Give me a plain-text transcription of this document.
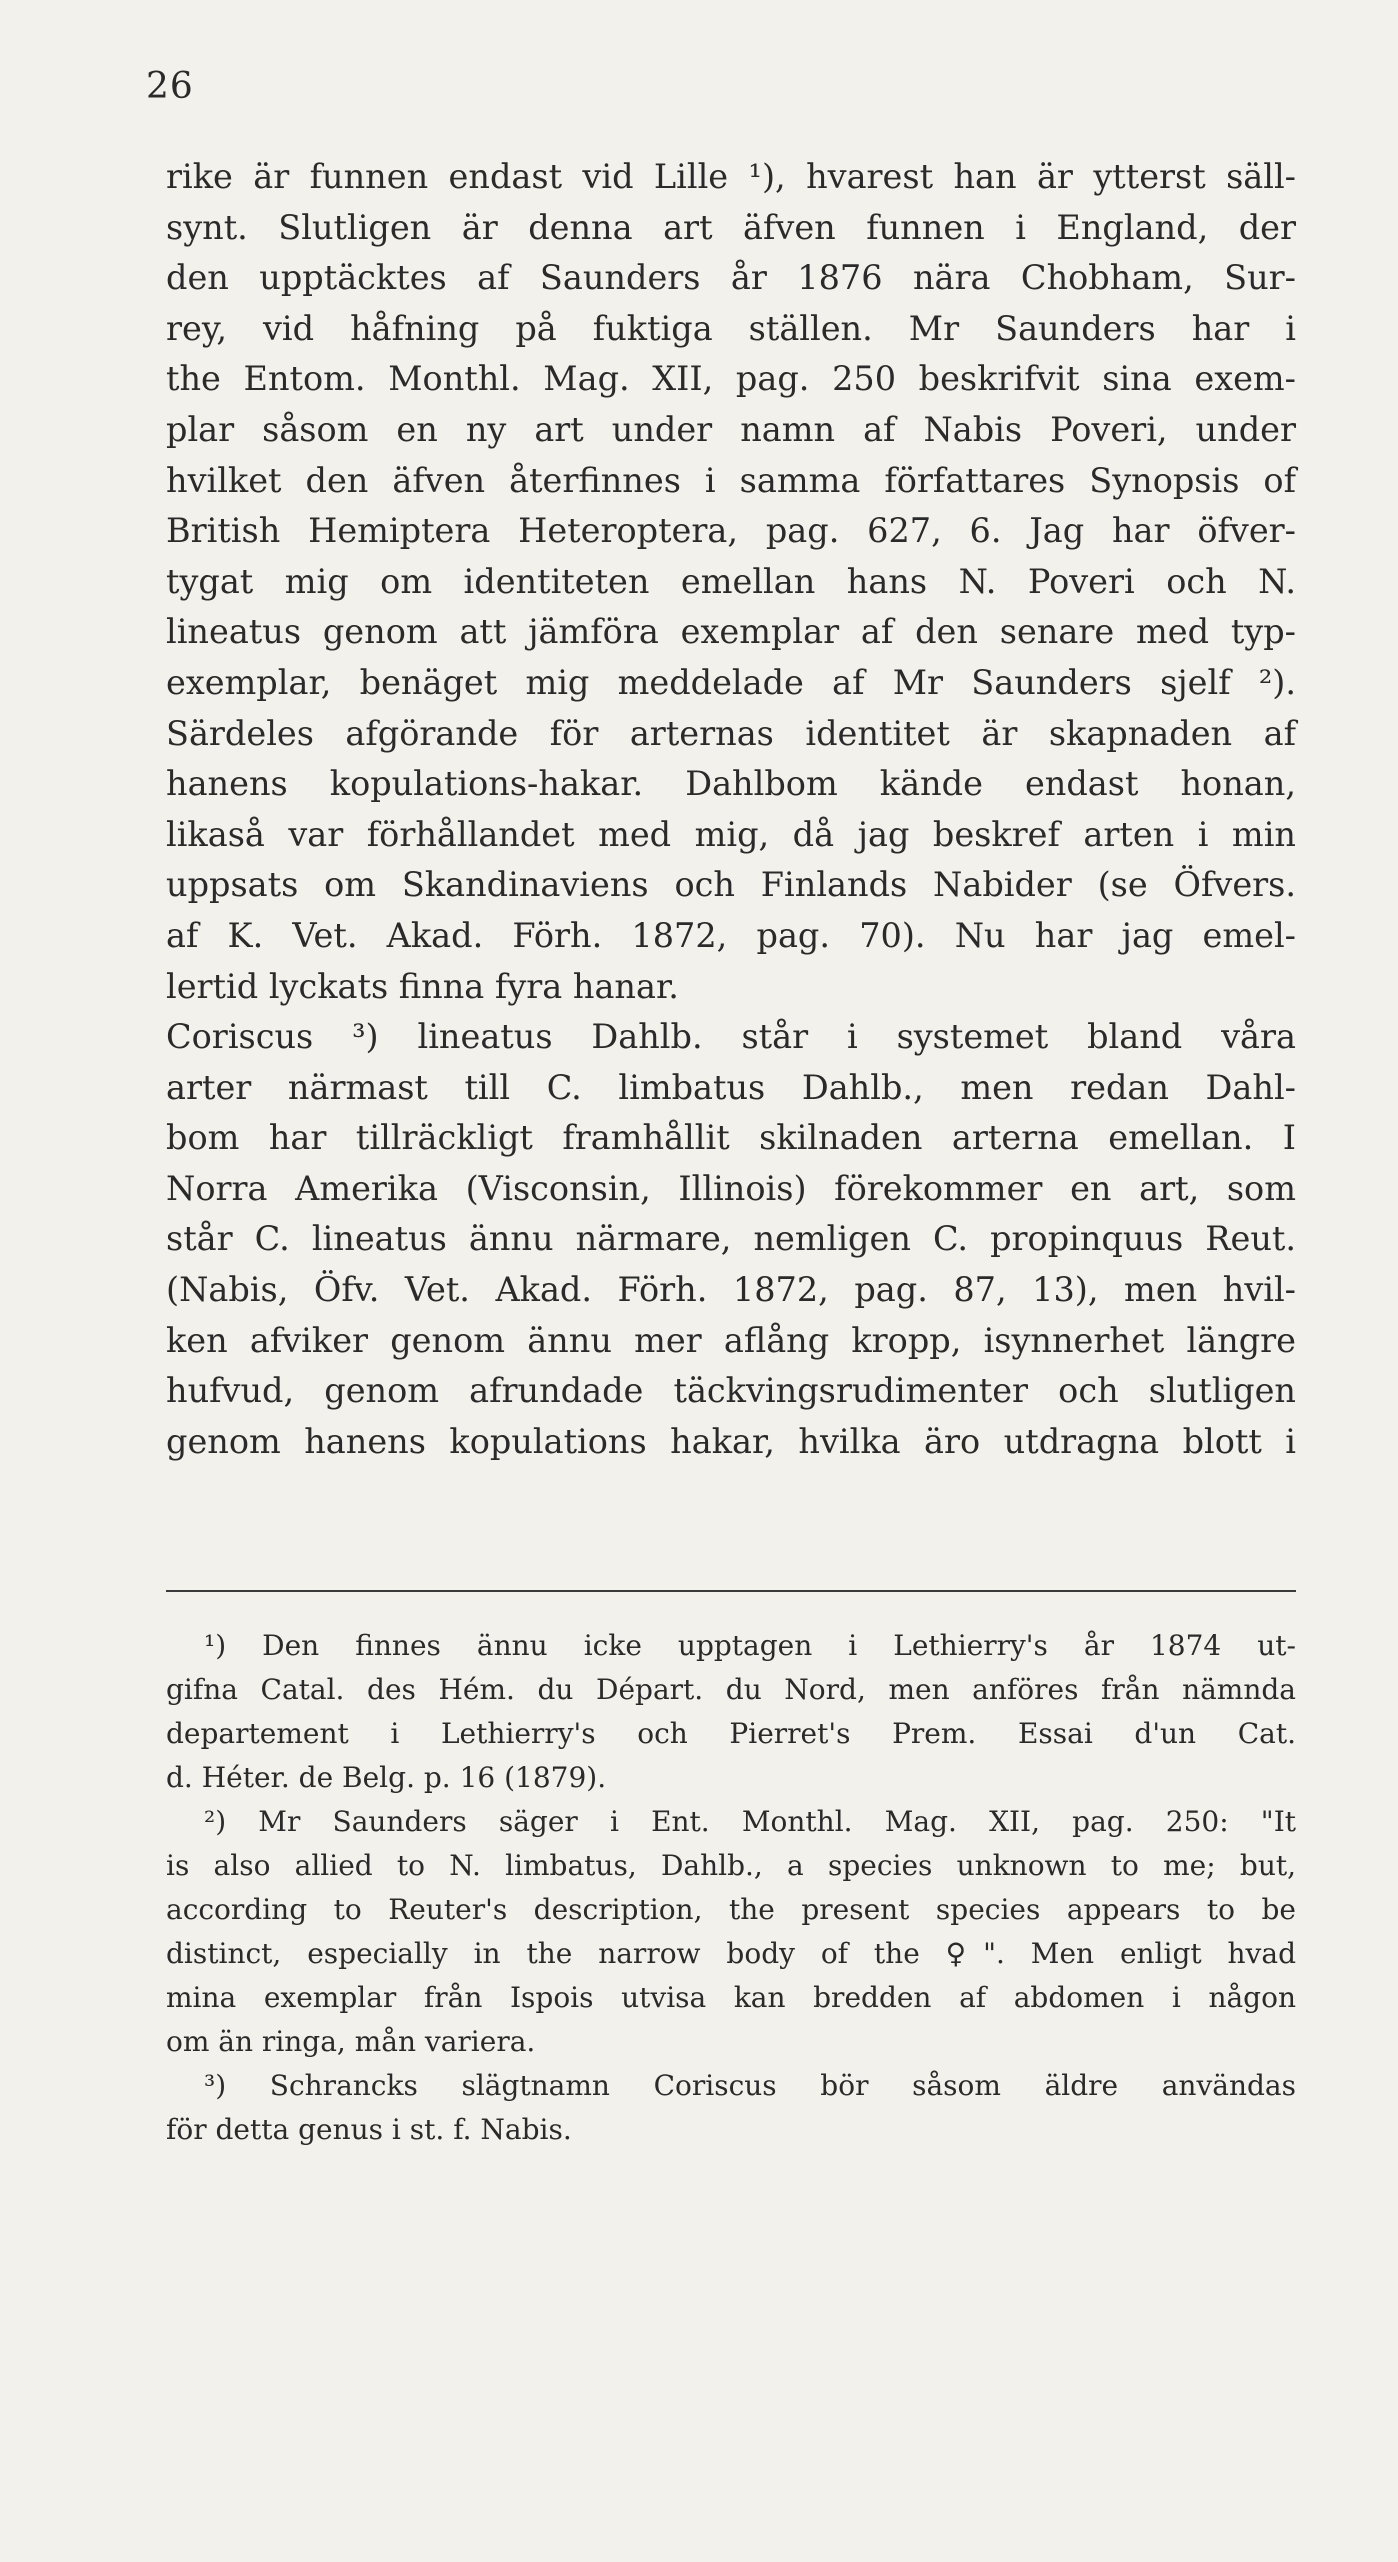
26
rike är funnen endast vid Lille ¹), hvarest han är ytterst säll-
synt. Slutligen är denna art äfven funnen i England, der
den upptäcktes af Saunders år 1876 nära Chobham, Sur-
rey, vid håfning på fuktiga ställen. Mr Saunders har i
the Entom. Monthl. Mag. XII, pag. 250 beskrifvit sina exem-
plar såsom en ny art under namn af Nabis Poveri, under
hvilket den äfven återfinnes i samma författares Synopsis of
British Hemiptera Heteroptera, pag. 627, 6. Jag har öfver-
tygat mig om identiteten emellan hans N. Poveri och N.
lineatus genom att jämföra exemplar af den senare med typ-
exemplar, benäget mig meddelade af Mr Saunders sjelf ²).
Särdeles afgörande för arternas identitet är skapnaden af
hanens kopulations-hakar. Dahlbom kände endast honan,
likaså var förhållandet med mig, då jag beskref arten i min
uppsats om Skandinaviens och Finlands Nabider (se Öfvers.
af K. Vet. Akad. Förh. 1872, pag. 70). Nu har jag emel-
lertid lyckats finna fyra hanar.
Coriscus ³) lineatus Dahlb. står i systemet bland våra
arter närmast till C. limbatus Dahlb., men redan Dahl-
bom har tillräckligt framhållit skilnaden arterna emellan. I
Norra Amerika (Visconsin, Illinois) förekommer en art, som
står C. lineatus ännu närmare, nemligen C. propinquus Reut.
(Nabis, Öfv. Vet. Akad. Förh. 1872, pag. 87, 13), men hvil-
ken afviker genom ännu mer aflång kropp, isynnerhet längre
hufvud, genom afrundade täckvingsrudimenter och slutligen
genom hanens kopulations hakar, hvilka äro utdragna blott i
¹) Den finnes ännu icke upptagen i Lethierry's år 1874 ut-
gifna Catal. des Hém. du Départ. du Nord, men anföres från nämnda
departement i Lethierry's och Pierret's Prem. Essai d'un Cat.
d. Héter. de Belg. p. 16 (1879).
²) Mr Saunders säger i Ent. Monthl. Mag. XII, pag. 250: "It
is also allied to N. limbatus, Dahlb., a species unknown to me; but,
according to Reuter's description, the present species appears to be
distinct, especially in the narrow body of the ♀". Men enligt hvad
mina exemplar från Ispois utvisa kan bredden af abdomen i någon
om än ringa, mån variera.
³) Schrancks slägtnamn Coriscus bör såsom äldre användas
för detta genus i st. f. Nabis.
